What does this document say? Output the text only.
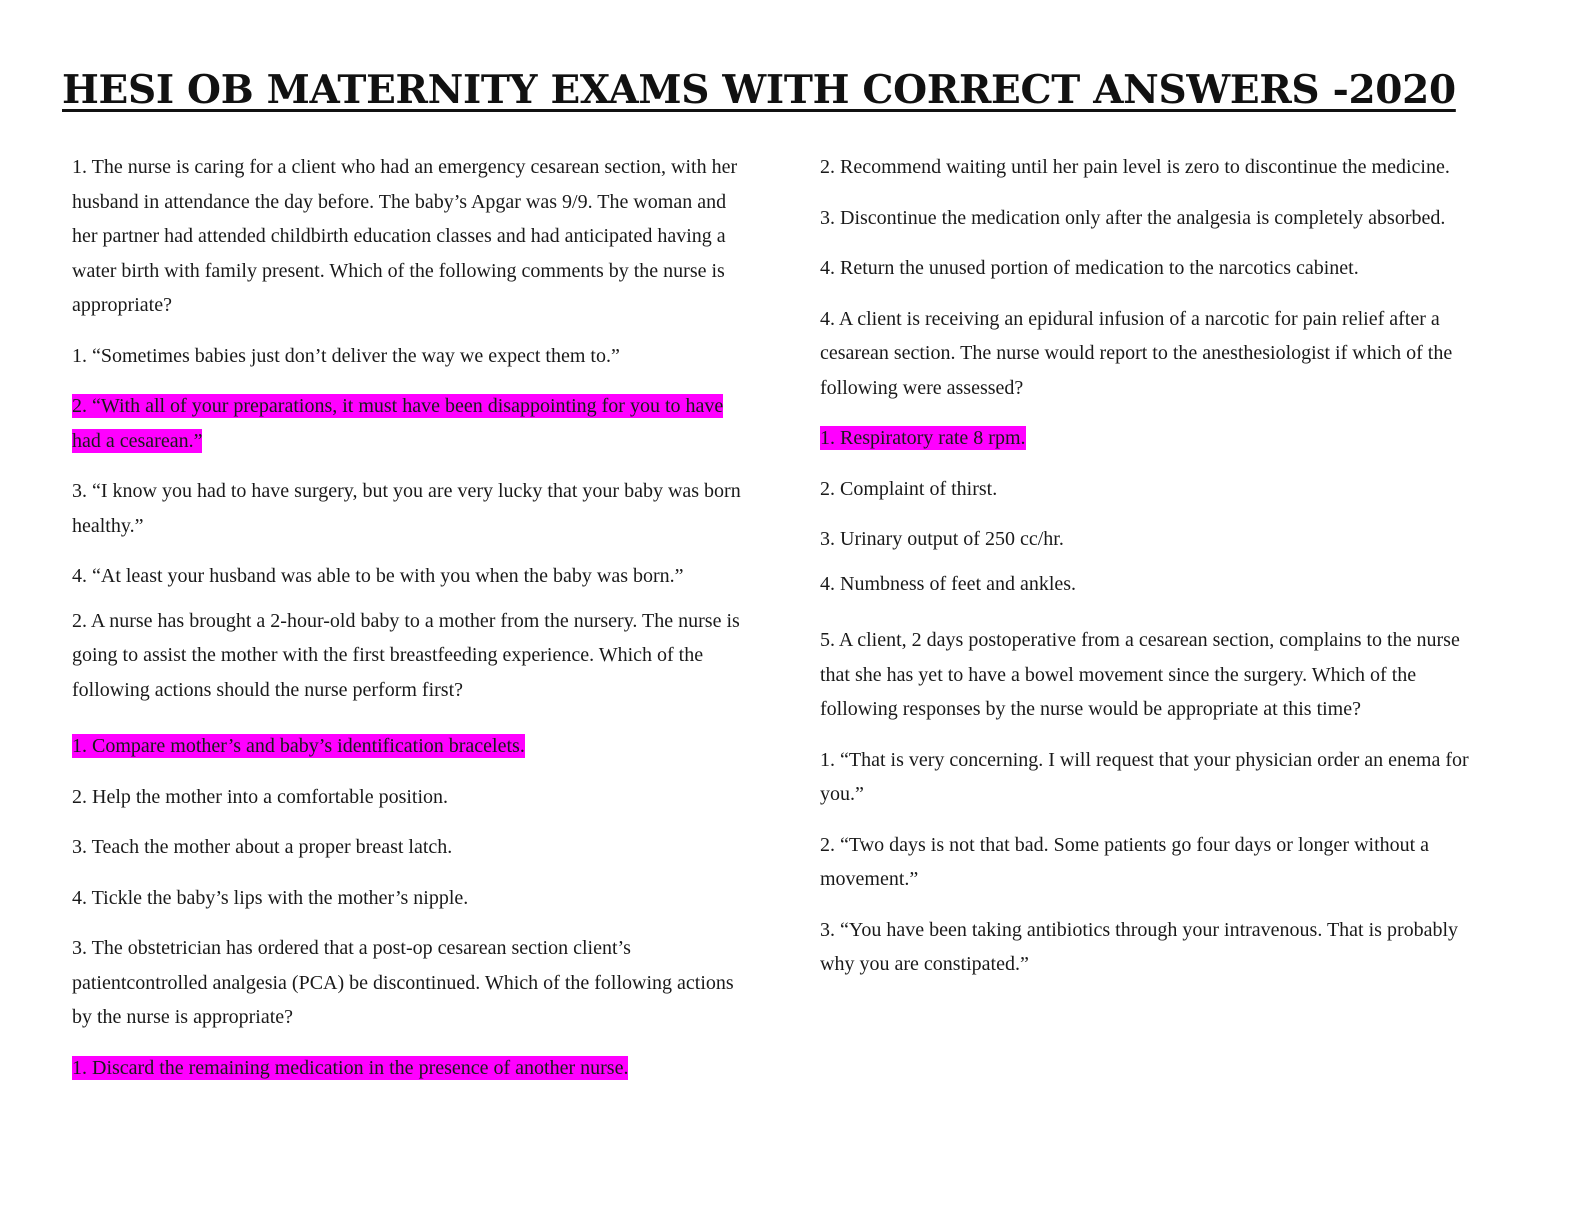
HESI OB MATERNITY EXAMS WITH CORRECT ANSWERS -2020

1. The nurse is caring for a client who had an emergency cesarean section, with her husband in attendance the day before. The baby’s Apgar was 9/9. The woman and her partner had attended childbirth education classes and had anticipated having a water birth with family present. Which of the following comments by the nurse is appropriate?

1. “Sometimes babies just don’t deliver the way we expect them to.”

2. “With all of your preparations, it must have been disappointing for you to have had a cesarean.”

3. “I know you had to have surgery, but you are very lucky that your baby was born healthy.”

4. “At least your husband was able to be with you when the baby was born.”

2. A nurse has brought a 2-hour-old baby to a mother from the nursery. The nurse is going to assist the mother with the first breastfeeding experience. Which of the following actions should the nurse perform first?

1. Compare mother’s and baby’s identification bracelets.

2. Help the mother into a comfortable position.

3. Teach the mother about a proper breast latch.

4. Tickle the baby’s lips with the mother’s nipple.

3. The obstetrician has ordered that a post-op cesarean section client’s patientcontrolled analgesia (PCA) be discontinued. Which of the following actions by the nurse is appropriate?

1. Discard the remaining medication in the presence of another nurse.

2. Recommend waiting until her pain level is zero to discontinue the medicine.

3. Discontinue the medication only after the analgesia is completely absorbed.

4. Return the unused portion of medication to the narcotics cabinet.

4. A client is receiving an epidural infusion of a narcotic for pain relief after a cesarean section. The nurse would report to the anesthesiologist if which of the following were assessed?

1. Respiratory rate 8 rpm.

2. Complaint of thirst.

3. Urinary output of 250 cc/hr.

4. Numbness of feet and ankles.

5. A client, 2 days postoperative from a cesarean section, complains to the nurse that she has yet to have a bowel movement since the surgery. Which of the following responses by the nurse would be appropriate at this time?

1. “That is very concerning. I will request that your physician order an enema for you.”

2. “Two days is not that bad. Some patients go four days or longer without a movement.”

3. “You have been taking antibiotics through your intravenous. That is probably why you are constipated.”
